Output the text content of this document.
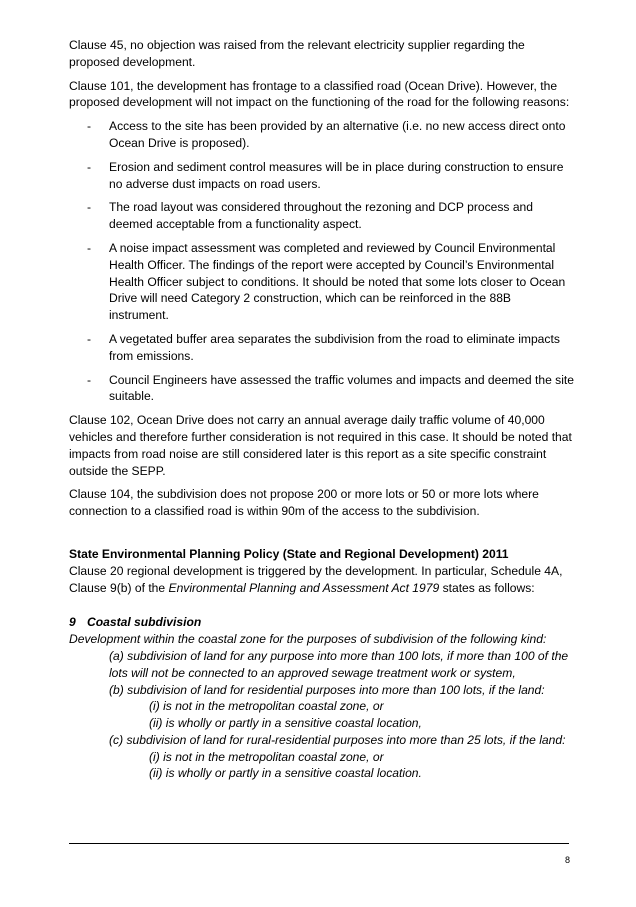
Clause 45, no objection was raised from the relevant electricity supplier regarding the proposed development.

Clause 101, the development has frontage to a classified road (Ocean Drive). However, the proposed development will not impact on the functioning of the road for the following reasons:

- Access to the site has been provided by an alternative (i.e. no new access direct onto Ocean Drive is proposed).
- Erosion and sediment control measures will be in place during construction to ensure no adverse dust impacts on road users.
- The road layout was considered throughout the rezoning and DCP process and deemed acceptable from a functionality aspect.
- A noise impact assessment was completed and reviewed by Council Environmental Health Officer. The findings of the report were accepted by Council’s Environmental Health Officer subject to conditions. It should be noted that some lots closer to Ocean Drive will need Category 2 construction, which can be reinforced in the 88B instrument.
- A vegetated buffer area separates the subdivision from the road to eliminate impacts from emissions.
- Council Engineers have assessed the traffic volumes and impacts and deemed the site suitable.

Clause 102, Ocean Drive does not carry an annual average daily traffic volume of 40,000 vehicles and therefore further consideration is not required in this case. It should be noted that impacts from road noise are still considered later is this report as a site specific constraint outside the SEPP.

Clause 104, the subdivision does not propose 200 or more lots or 50 or more lots where connection to a classified road is within 90m of the access to the subdivision.

State Environmental Planning Policy (State and Regional Development) 2011

Clause 20 regional development is triggered by the development. In particular, Schedule 4A, Clause 9(b) of the Environmental Planning and Assessment Act 1979 states as follows:

9 Coastal subdivision

Development within the coastal zone for the purposes of subdivision of the following kind:

(a) subdivision of land for any purpose into more than 100 lots, if more than 100 of the lots will not be connected to an approved sewage treatment work or system,

(b) subdivision of land for residential purposes into more than 100 lots, if the land:

(i) is not in the metropolitan coastal zone, or

(ii) is wholly or partly in a sensitive coastal location,

(c) subdivision of land for rural-residential purposes into more than 25 lots, if the land:

(i) is not in the metropolitan coastal zone, or

(ii) is wholly or partly in a sensitive coastal location.

8
